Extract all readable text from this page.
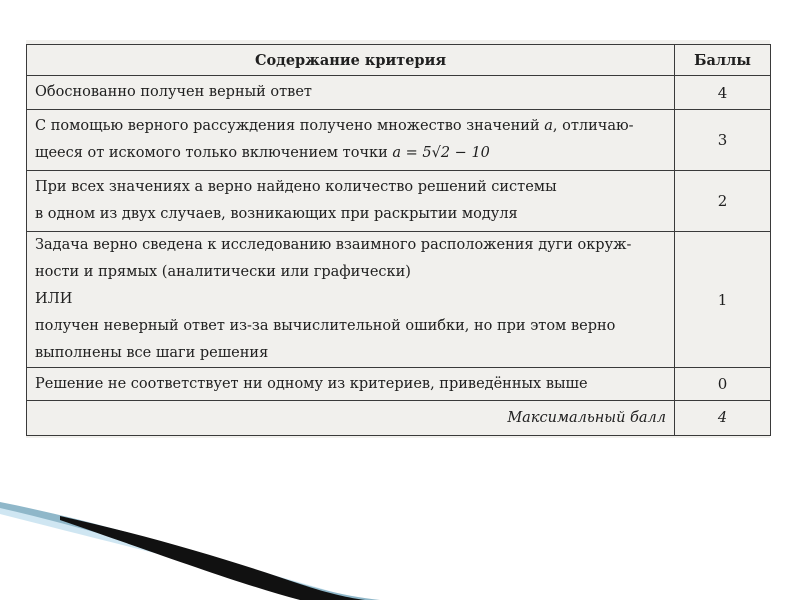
Содержание критерия	Баллы

Обоснованно получен верный ответ	4

С помощью верного рассуждения получено множество значений a, отличаю-
щееся от искомого только включением точки a = 5√2 − 10	3

При всех значениях a верно найдено количество решений системы
в одном из двух случаев, возникающих при раскрытии модуля	2

Задача верно сведена к исследованию взаимного расположения дуги окруж-
ности и прямых (аналитически или графически)
ИЛИ
получен неверный ответ из-за вычислительной ошибки, но при этом верно
выполнены все шаги решения	1

Решение не соответствует ни одному из критериев, приведённых выше	0
Максимальный балл	4
